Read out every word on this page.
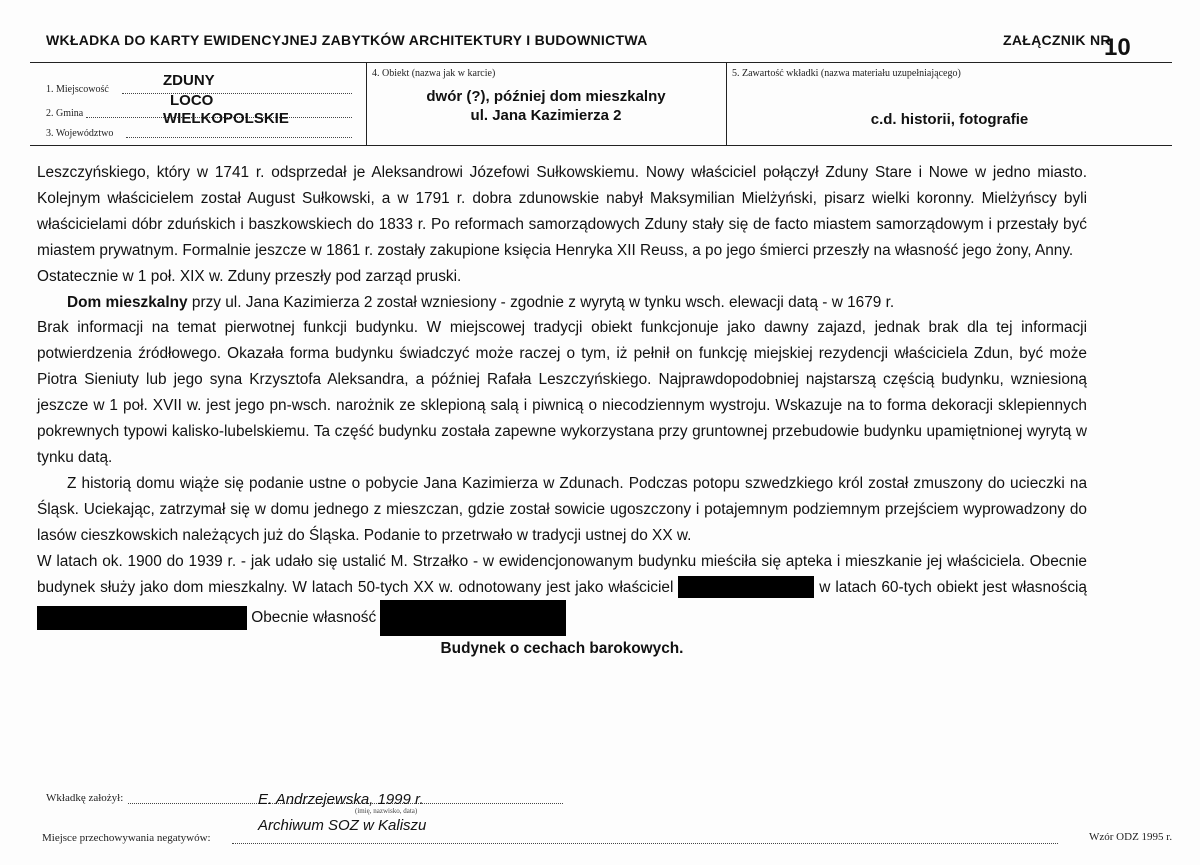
WKŁADKA DO KARTY EWIDENCYJNEJ ZABYTKÓW ARCHITEKTURY I BUDOWNICTWA	ZAŁĄCZNIK NR
10
1. Miejscowość
ZDUNY
2. Gmina
LOCO
3. Województwo
WIELKOPOLSKIE
4. Obiekt (nazwa jak w karcie)
dwór (?), później dom mieszkalny
ul. Jana Kazimierza 2
5. Zawartość wkładki (nazwa materiału uzupełniającego)
c.d. historii, fotografie

Leszczyńskiego, który w 1741 r. odsprzedał je Aleksandrowi Józefowi Sułkowskiemu. Nowy właściciel połączył Zduny Stare i Nowe w jedno miasto. Kolejnym właścicielem został August Sułkowski, a w 1791 r. dobra zdunowskie nabył Maksymilian Mielżyński, pisarz wielki koronny. Mielżyńscy byli właścicielami dóbr zduńskich i baszkowskiech do 1833 r. Po reformach samorządowych Zduny stały się de facto miastem samorządowym i przestały być miastem prywatnym. Formalnie jeszcze w 1861 r. zostały zakupione księcia Henryka XII Reuss, a po jego śmierci przeszły na własność jego żony, Anny.

Ostatecznie w 1 poł. XIX w. Zduny przeszły pod zarząd pruski.

Dom mieszkalny przy ul. Jana Kazimierza 2 został wzniesiony - zgodnie z wyrytą w tynku wsch. elewacji datą - w 1679 r.

Brak informacji na temat pierwotnej funkcji budynku. W miejscowej tradycji obiekt funkcjonuje jako dawny zajazd, jednak brak dla tej informacji potwierdzenia źródłowego. Okazała forma budynku świadczyć może raczej o tym, iż pełnił on funkcję miejskiej rezydencji właściciela Zdun, być może Piotra Sieniuty lub jego syna Krzysztofa Aleksandra, a później Rafała Leszczyńskiego. Najprawdopodobniej najstarszą częścią budynku, wzniesioną jeszcze w 1 poł. XVII w. jest jego pn-wsch. narożnik ze sklepioną salą i piwnicą o niecodziennym wystroju. Wskazuje na to forma dekoracji sklepiennych pokrewnych typowi kalisko-lubelskiemu. Ta część budynku została zapewne wykorzystana przy gruntownej przebudowie budynku upamiętnionej wyrytą w tynku datą.

Z historią domu wiąże się podanie ustne o pobycie Jana Kazimierza w Zdunach. Podczas potopu szwedzkiego król został zmuszony do ucieczki na Śląsk. Uciekając, zatrzymał się w domu jednego z mieszczan, gdzie został sowicie ugoszczony i potajemnym podziemnym przejściem wyprowadzony do lasów cieszkowskich należących już do Śląska. Podanie to przetrwało w tradycji ustnej do XX w.

W latach ok. 1900 do 1939 r. - jak udało się ustalić M. Strzałko - w ewidencjonowanym budynku mieściła się apteka i mieszkanie jej właściciela. Obecnie budynek służy jako dom mieszkalny. W latach 50-tych XX w. odnotowany jest jako właściciel	w latach 60-tych obiekt jest własnością  Obecnie własność

Budynek o cechach barokowych.

Wkładkę założył:	E. Andrzejewska, 1999 r.
(imię, nazwisko, data)
Miejsce przechowywania negatywów:
Archiwum SOZ w Kaliszu
Wzór ODZ 1995 r.
